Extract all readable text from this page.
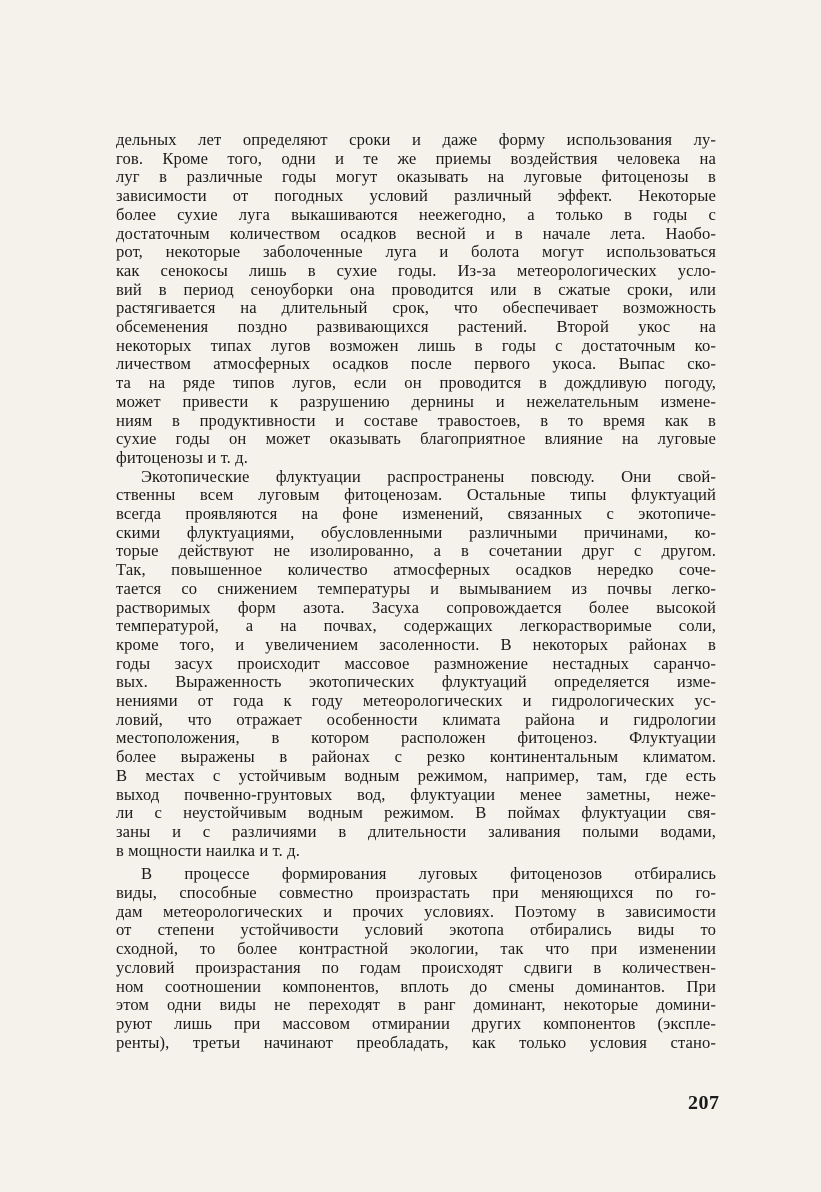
дельных лет определяют сроки и даже форму использования лу-
гов. Кроме того, одни и те же приемы воздействия человека на
луг в различные годы могут оказывать на луговые фитоценозы в
зависимости от погодных условий различный эффект. Некоторые
более сухие луга выкашиваются неежегодно, а только в годы с
достаточным количеством осадков весной и в начале лета. Наобо-
рот, некоторые заболоченные луга и болота могут использоваться
как сенокосы лишь в сухие годы. Из-за метеорологических усло-
вий в период сеноуборки она проводится или в сжатые сроки, или
растягивается на длительный срок, что обеспечивает возможность
обсеменения поздно развивающихся растений. Второй укос на
некоторых типах лугов возможен лишь в годы с достаточным ко-
личеством атмосферных осадков после первого укоса. Выпас ско-
та на ряде типов лугов, если он проводится в дождливую погоду,
может привести к разрушению дернины и нежелательным измене-
ниям в продуктивности и составе травостоев, в то время как в
сухие годы он может оказывать благоприятное влияние на луговые
фитоценозы и т. д.
Экотопические флуктуации распространены повсюду. Они свой-
ственны всем луговым фитоценозам. Остальные типы флуктуаций
всегда проявляются на фоне изменений, связанных с экотопиче-
скими флуктуациями, обусловленными различными причинами, ко-
торые действуют не изолированно, а в сочетании друг с другом.
Так, повышенное количество атмосферных осадков нередко соче-
тается со снижением температуры и вымыванием из почвы легко-
растворимых форм азота. Засуха сопровождается более высокой
температурой, а на почвах, содержащих легкорастворимые соли,
кроме того, и увеличением засоленности. В некоторых районах в
годы засух происходит массовое размножение нестадных саранчо-
вых. Выраженность экотопических флуктуаций определяется изме-
нениями от года к году метеорологических и гидрологических ус-
ловий, что отражает особенности климата района и гидрологии
местоположения, в котором расположен фитоценоз. Флуктуации
более выражены в районах с резко континентальным климатом.
В местах с устойчивым водным режимом, например, там, где есть
выход почвенно-грунтовых вод, флуктуации менее заметны, неже-
ли с неустойчивым водным режимом. В поймах флуктуации свя-
заны и с различиями в длительности заливания полыми водами,
в мощности наилка и т. д.
В процессе формирования луговых фитоценозов отбирались
виды, способные совместно произрастать при меняющихся по го-
дам метеорологических и прочих условиях. Поэтому в зависимости
от степени устойчивости условий экотопа отбирались виды то
сходной, то более контрастной экологии, так что при изменении
условий произрастания по годам происходят сдвиги в количествен-
ном соотношении компонентов, вплоть до смены доминантов. При
этом одни виды не переходят в ранг доминант, некоторые домини-
руют лишь при массовом отмирании других компонентов (экспле-
ренты), третьи начинают преобладать, как только условия стано-
207
